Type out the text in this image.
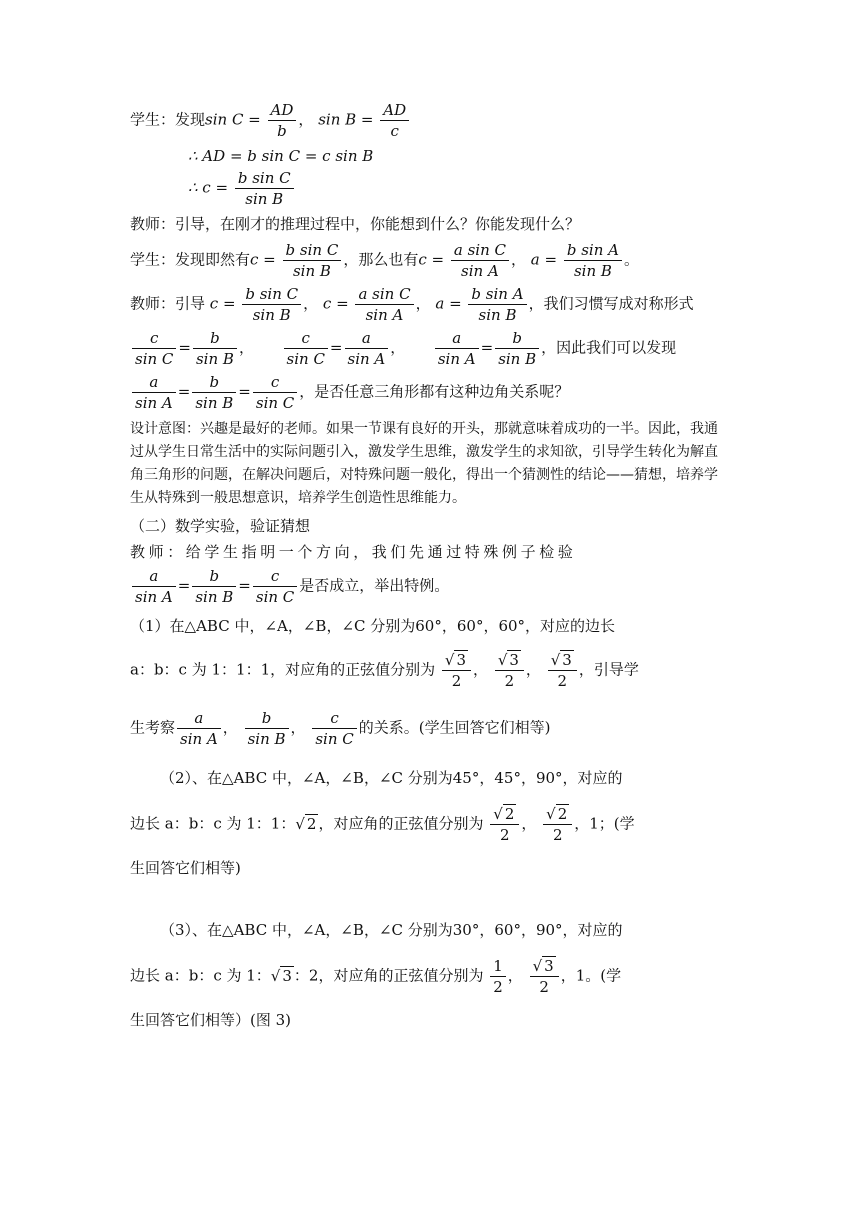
学生：发现$\sin C = \frac{AD}{b}$ ， $\sin B = \frac{AD}{c}$
∴ AD = b sin C = c sin B
∴ $c = \frac{\text{b sin C}}{\text{sin B}}$
教师：引导，在刚才的推理过程中，你能想到什么？你能发现什么？
学生：发现即然有$c = \frac{\text{b sin C}}{\text{sin B}}$ ，那么也有$c = \frac{\text{a sin C}}{\text{sin A}}$ ， $a = \frac{\text{b sin A}}{\text{sin B}}$ 。
教师：引导 $c = \frac{\text{b sin C}}{\text{sin B}}$ ， $c = \frac{\text{a sin C}}{\text{sin A}}$ ， $a = \frac{\text{b sin A}}{\text{sin B}}$ ，我们习惯写成对称形式
$\frac{c}{\text{sin C}} = \frac{b}{\text{sin B}}$ ， $\frac{c}{\text{sin C}} = \frac{a}{\text{sin A}}$ ， $\frac{a}{\text{sin A}} = \frac{b}{\text{sin B}}$ ，因此我们可以发现
$\frac{a}{\text{sin A}} = \frac{b}{\text{sin B}} = \frac{c}{\text{sin C}}$ ，是否任意三角形都有这种边角关系呢？
设计意图：兴趣是最好的老师。如果一节课有良好的开头，那就意味着成功的一半。因此，我通过从学生日常生活中的实际问题引入，激发学生思维，激发学生的求知欲，引导学生转化为解直角三角形的问题，在解决问题后，对特殊问题一般化，得出一个猜测性的结论——猜想，培养学生从特殊到一般思想意识，培养学生创造性思维能力。
（二）数学实验，验证猜想
教师：给学生指明一个方向，我们先通过特殊例子检验
$\frac{a}{\text{sin A}} = \frac{b}{\text{sin B}} = \frac{c}{\text{sin C}}$ 是否成立，举出特例。
（1）在△ABC 中，∠A，∠B，∠C 分别为60°，60°，60°，对应的边长
a：b：c 为 1：1：1，对应角的正弦值分别为 $\frac{√ 3}{2}$ ， $\frac{√ 3}{2}$ ， $\frac{√ 3}{2}$ ，引导学
生考察 $\frac{a}{\text{sin A}}$ ， $\frac{b}{\text{sin B}}$ ， $\frac{c}{\text{sin C}}$ 的关系。(学生回答它们相等)
（2）、在△ABC 中，∠A，∠B，∠C 分别为45°，45°，90°，对应的
边长 a：b：c 为 1：1：√ 2 ，对应角的正弦值分别为 $\frac{√ 2}{2}$ ， $\frac{√ 2}{2}$ ，1；(学
生回答它们相等)
（3）、在△ABC 中，∠A，∠B，∠C 分别为30°，60°，90°，对应的
边长 a：b：c 为 1：√ 3 ：2，对应角的正弦值分别为 $\frac{1}{2}$ ， $\frac{√ 3}{2}$ ，1。(学
生回答它们相等）(图 3)
